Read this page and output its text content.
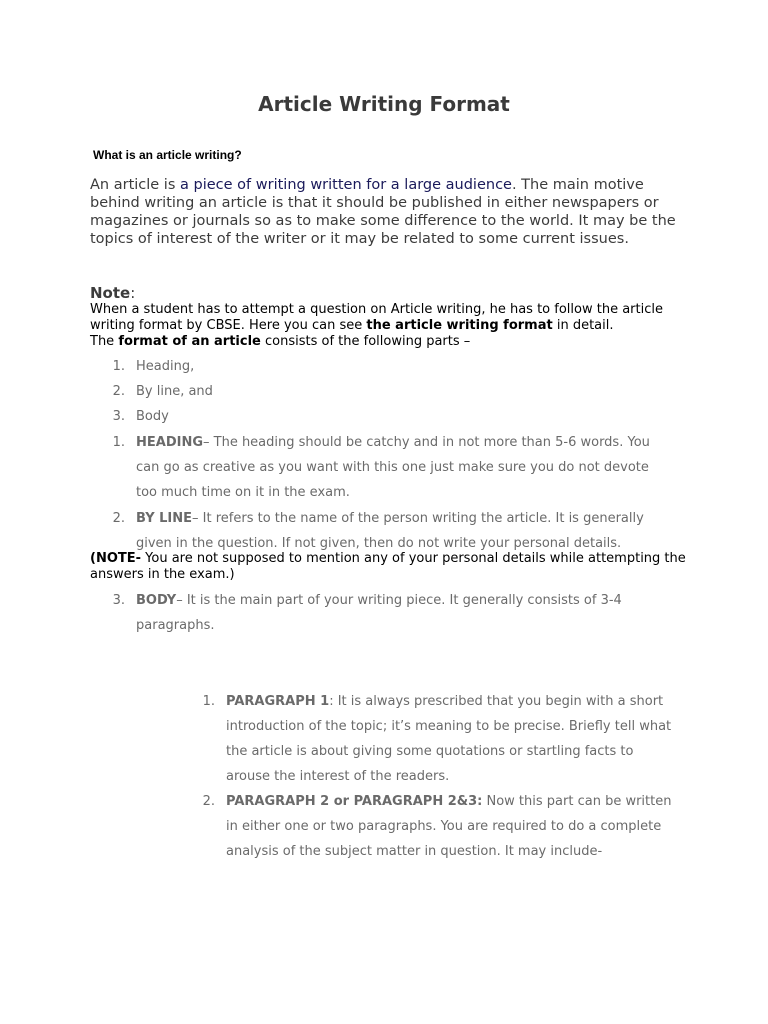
Article Writing Format
What is an article writing?
An article is a piece of writing written for a large audience. The main motive behind writing an article is that it should be published in either newspapers or magazines or journals so as to make some difference to the world. It may be the topics of interest of the writer or it may be related to some current issues.
Note:
When a student has to attempt a question on Article writing, he has to follow the article writing format by CBSE. Here you can see the article writing format in detail.
The format of an article consists of the following parts –
1. Heading,
2. By line, and
3. Body
1. HEADING– The heading should be catchy and in not more than 5-6 words. You can go as creative as you want with this one just make sure you do not devote too much time on it in the exam.
2. BY LINE– It refers to the name of the person writing the article. It is generally given in the question. If not given, then do not write your personal details.
(NOTE- You are not supposed to mention any of your personal details while attempting the answers in the exam.)
3. BODY– It is the main part of your writing piece. It generally consists of 3-4 paragraphs.
1. PARAGRAPH 1: It is always prescribed that you begin with a short introduction of the topic; it’s meaning to be precise. Briefly tell what the article is about giving some quotations or startling facts to arouse the interest of the readers.
2. PARAGRAPH 2 or PARAGRAPH 2&3: Now this part can be written in either one or two paragraphs. You are required to do a complete analysis of the subject matter in question. It may include-
